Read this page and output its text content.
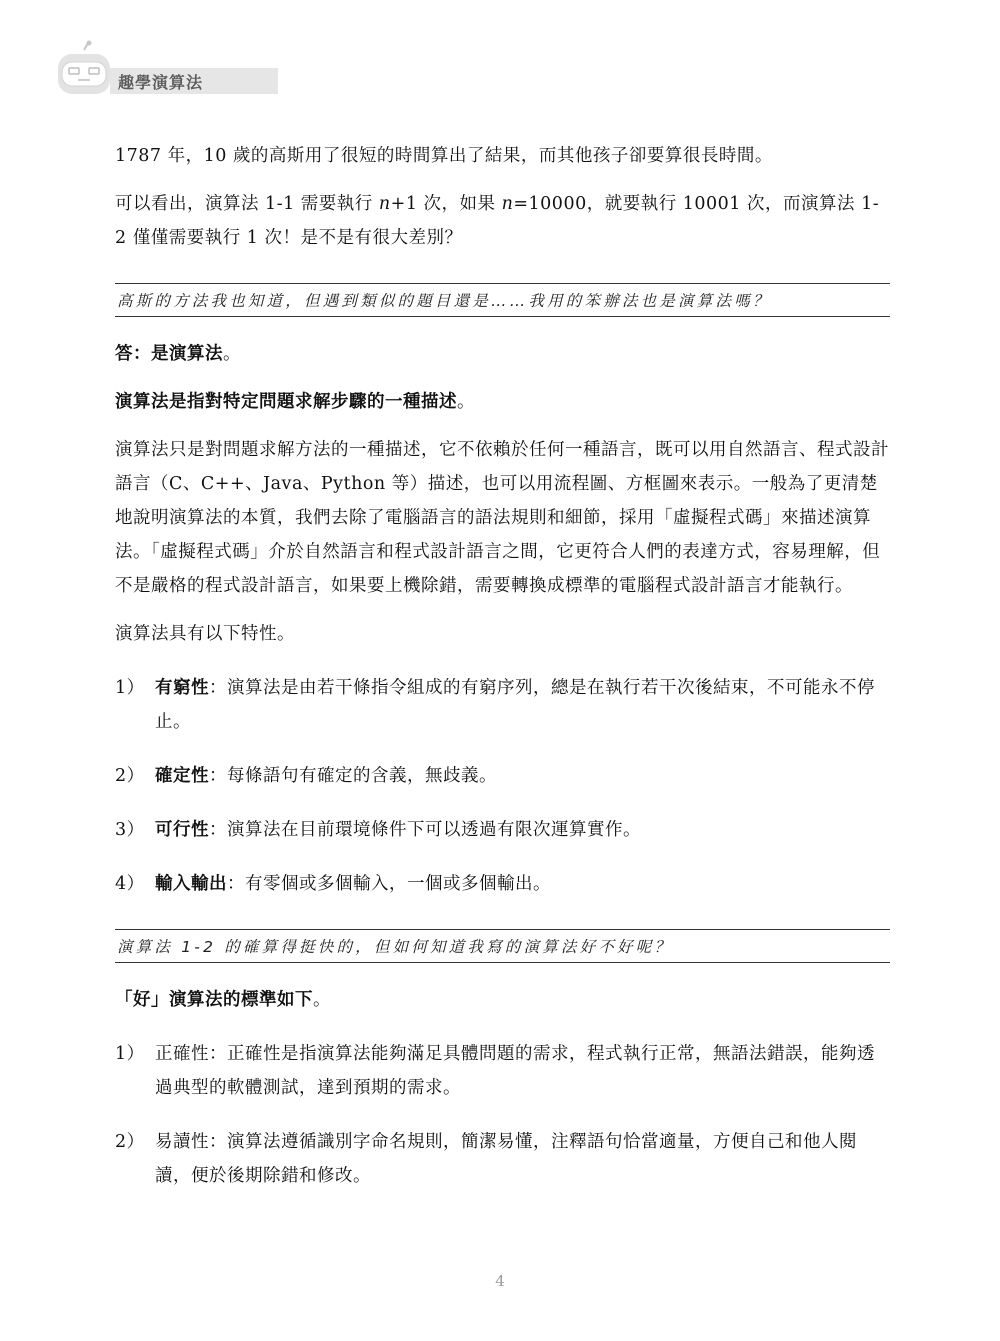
趣學演算法

1787 年，10 歲的高斯用了很短的時間算出了結果，而其他孩子卻要算很長時間。

可以看出，演算法 1-1 需要執行 n+1 次，如果 n=10000，就要執行 10001 次，而演算法 1-2 僅僅需要執行 1 次！是不是有很大差別？

高斯的方法我也知道，但遇到類似的題目還是……我用的笨辦法也是演算法嗎？

答：是演算法。

演算法是指對特定問題求解步驟的一種描述。

演算法只是對問題求解方法的一種描述，它不依賴於任何一種語言，既可以用自然語言、程式設計語言（C、C++、Java、Python 等）描述，也可以用流程圖、方框圖來表示。一般為了更清楚地說明演算法的本質，我們去除了電腦語言的語法規則和細節，採用「虛擬程式碼」來描述演算法。「虛擬程式碼」介於自然語言和程式設計語言之間，它更符合人們的表達方式，容易理解，但不是嚴格的程式設計語言，如果要上機除錯，需要轉換成標準的電腦程式設計語言才能執行。

演算法具有以下特性。

1） 有窮性：演算法是由若干條指令組成的有窮序列，總是在執行若干次後結束，不可能永不停止。
2） 確定性：每條語句有確定的含義，無歧義。
3） 可行性：演算法在目前環境條件下可以透過有限次運算實作。
4） 輸入輸出：有零個或多個輸入，一個或多個輸出。
演算法 1-2 的確算得挺快的，但如何知道我寫的演算法好不好呢？

「好」演算法的標準如下。

1） 正確性：正確性是指演算法能夠滿足具體問題的需求，程式執行正常，無語法錯誤，能夠透過典型的軟體測試，達到預期的需求。
2） 易讀性：演算法遵循識別字命名規則，簡潔易懂，注釋語句恰當適量，方便自己和他人閱讀，便於後期除錯和修改。
4
